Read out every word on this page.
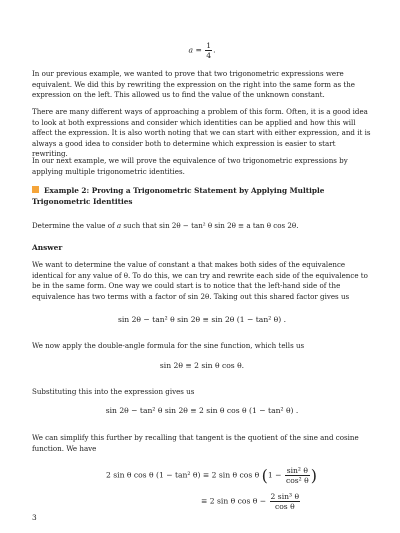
$a = \frac{1}{4}$ .
In our previous example, we wanted to prove that two trigonometric expressions were equivalent. We did this by rewriting the expression on the right into the same form as the expression on the left. This allowed us to find the value of the unknown constant.
There are many different ways of approaching a problem of this form. Often, it is a good idea to look at both expressions and consider which identities can be applied and how this will affect the expression. It is also worth noting that we can start with either expression, and it is always a good idea to consider both to determine which expression is easier to start rewriting.
In our next example, we will prove the equivalence of two trigonometric expressions by applying multiple trigonometric identities.
Example 2: Proving a Trigonometric Statement by Applying Multiple Trigonometric Identities
Determine the value of a such that sin 2θ − tan² θ sin 2θ ≡ a tan θ cos 2θ.
Answer
We want to determine the value of constant a that makes both sides of the equivalence identical for any value of θ. To do this, we can try and rewrite each side of the equivalence to be in the same form. One way we could start is to notice that the left-hand side of the equivalence has two terms with a factor of sin 2θ. Taking out this shared factor gives us
sin 2θ − tan² θ sin 2θ ≡ sin 2θ (1 − tan² θ) .
We now apply the double-angle formula for the sine function, which tells us
sin 2θ ≡ 2 sin θ cos θ.
Substituting this into the expression gives us
sin 2θ − tan² θ sin 2θ ≡ 2 sin θ cos θ (1 − tan² θ) .
We can simplify this further by recalling that tangent is the quotient of the sine and cosine function. We have
2 sin θ cos θ (1 − tan² θ) ≡ 2 sin θ cos θ ($1 - \frac{\text{sin² θ}}{\text{cos² θ}}$ )
≡ 2 sin θ $\cos \theta - \frac{\text{2 sin³ θ}}{\text{cos θ}}$
3
